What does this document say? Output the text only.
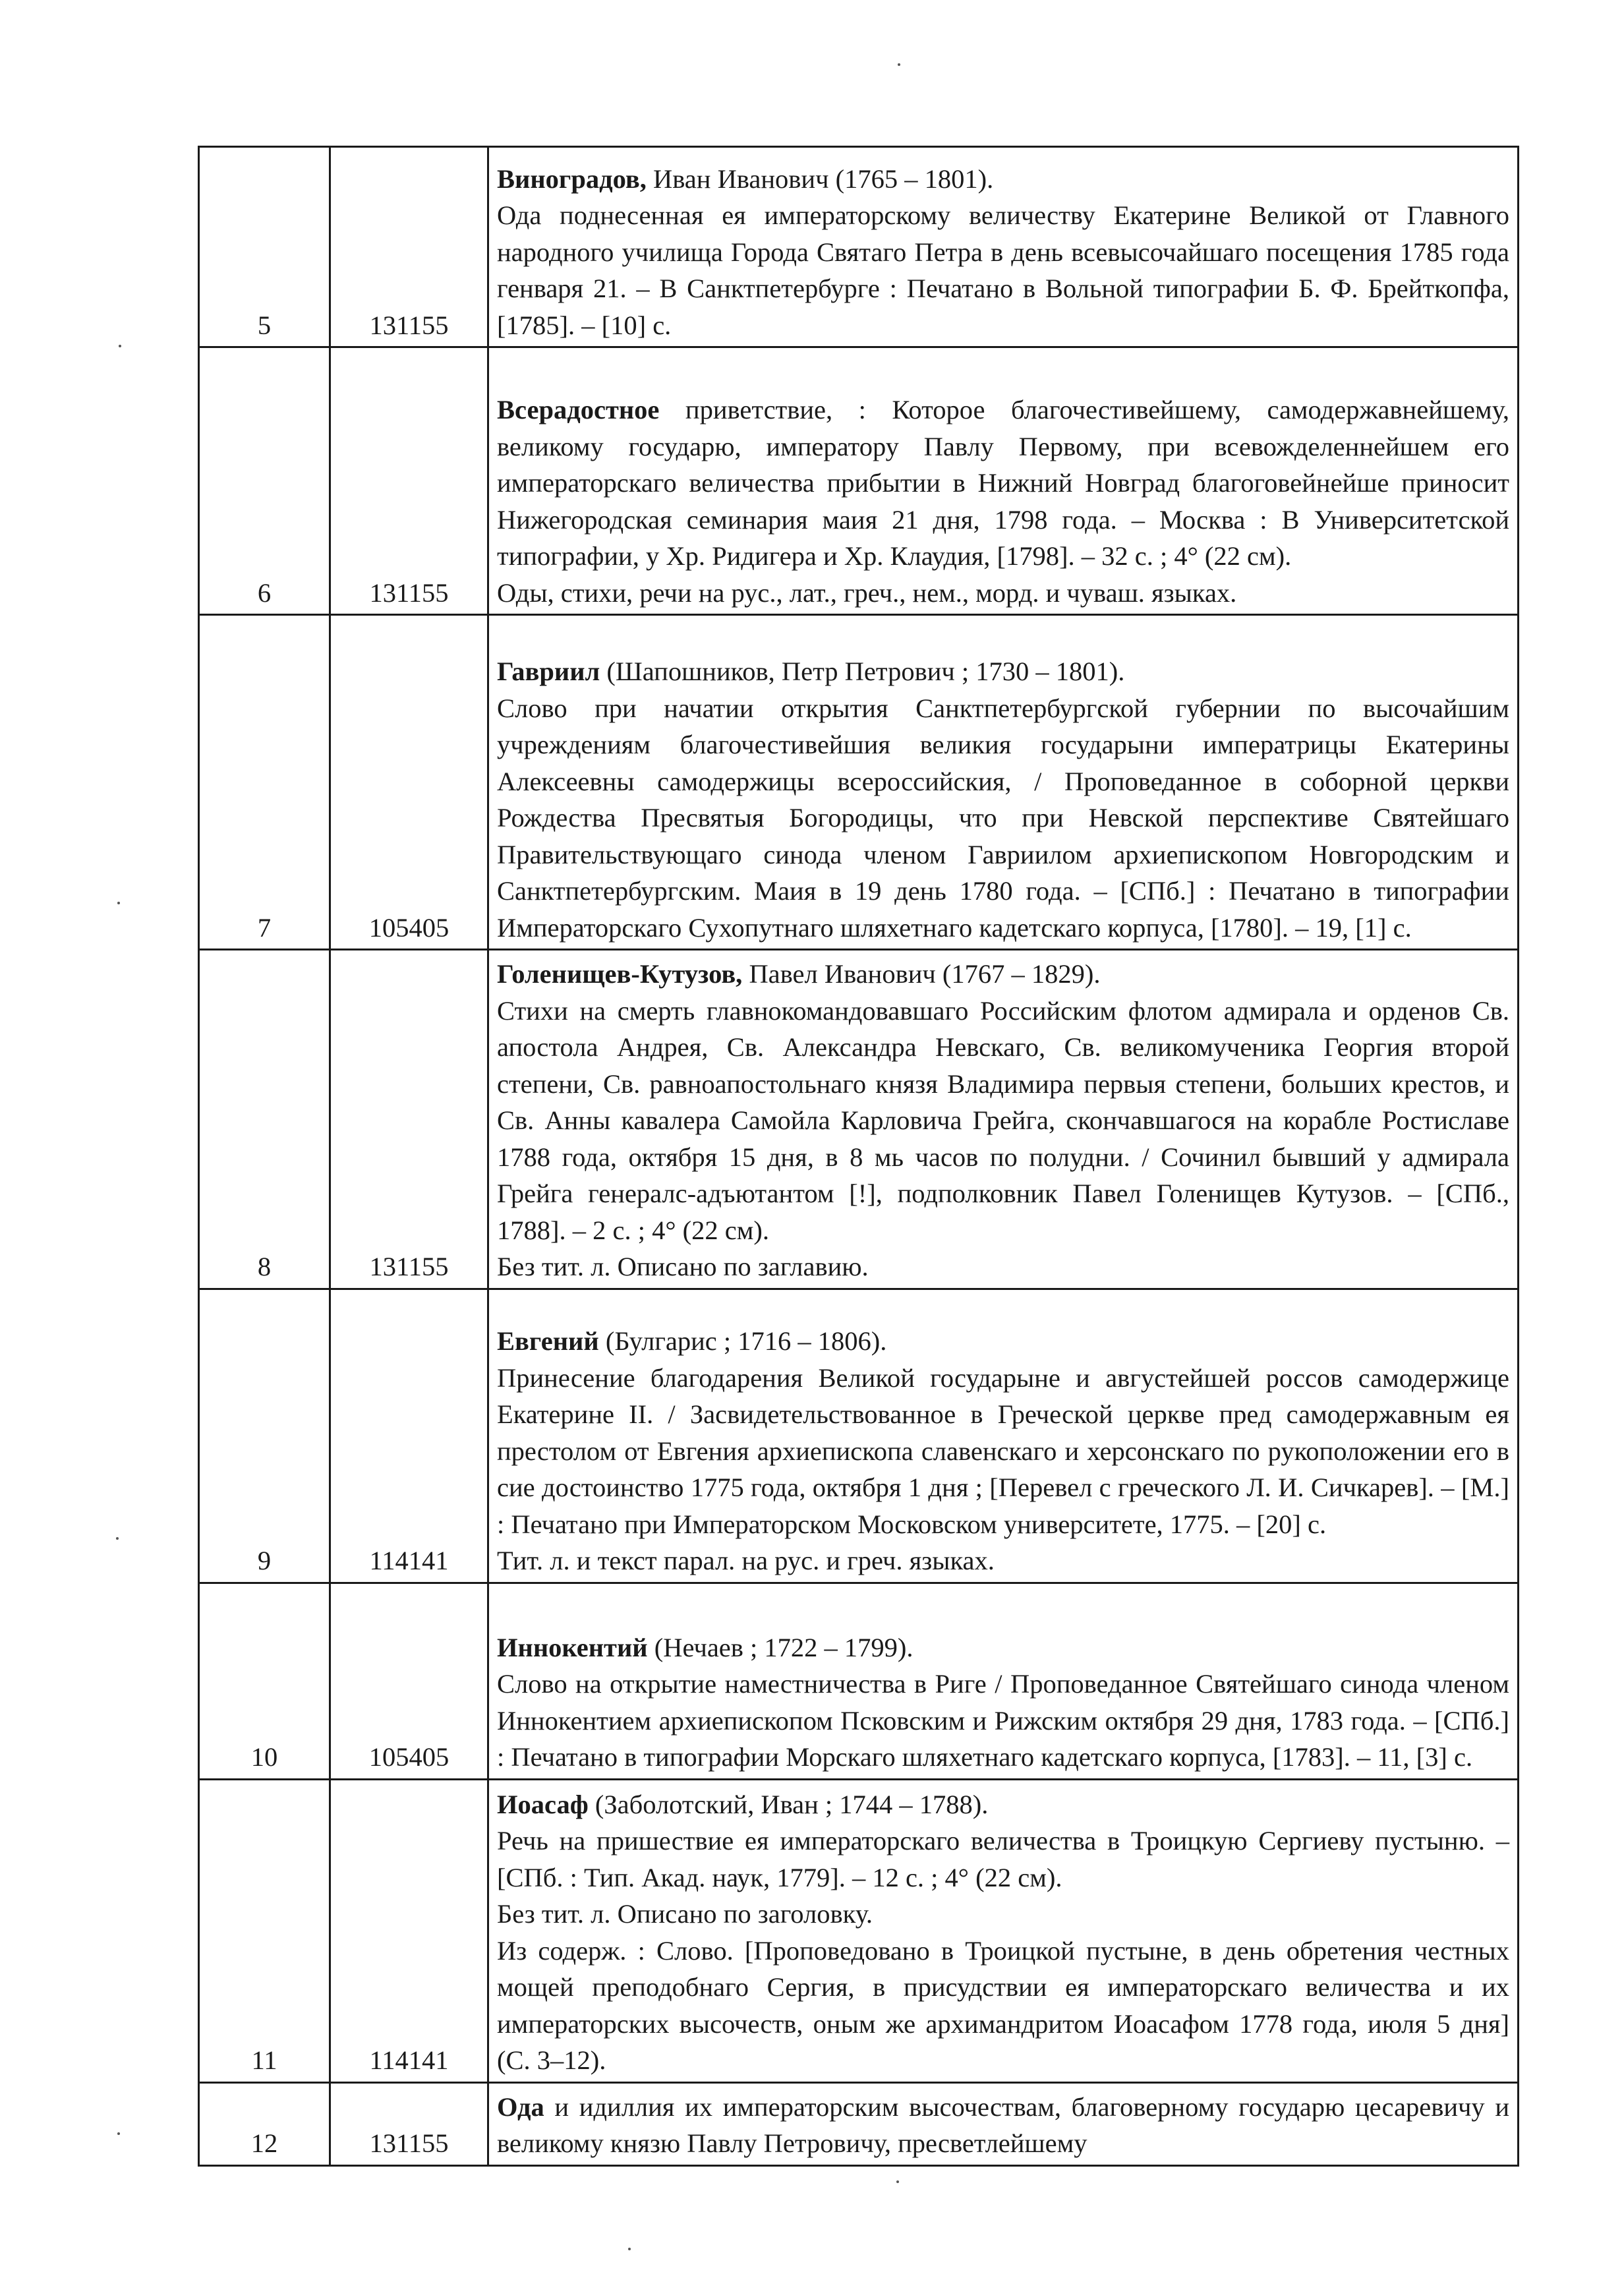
5	131155	Виноградов, Иван Иванович (1765 – 1801).

Ода поднесенная ея императорскому величеству Екатерине Великой от Главного народного училища Города Святаго Петра в день всевысочайшаго посещения 1785 года генваря 21. – В Санктпетербурге : Печатано в Вольной типографии Б. Ф. Брейткопфа, [1785]. – [10] с.

6	131155	Всерадостное приветствие, : Которое благочестивейшему, самодержавнейшему, великому государю, императору Павлу Первому, при всевожделеннейшем его императорскаго величества прибытии в Нижний Новград благоговейнейше приносит Нижегородская семинария маия 21 дня, 1798 года. – Москва : В Университетской типографии, у Хр. Ридигера и Хр. Клаудия, [1798]. – 32 с. ; 4° (22 см).

Оды, стихи, речи на рус., лат., греч., нем., морд. и чуваш. языках.

7	105405	Гавриил (Шапошников, Петр Петрович ; 1730 – 1801).

Слово при начатии открытия Санктпетербургской губернии по высочайшим учреждениям благочестивейшия великия государыни императрицы Екатерины Алексеевны самодержицы всероссийския, / Проповеданное в соборной церкви Рождества Пресвятыя Богородицы, что при Невской перспективе Святейшаго Правительствующаго синода членом Гавриилом архиепископом Новгородским и Санктпетербургским. Маия в 19 день 1780 года. – [СПб.] : Печатано в типографии Императорскаго Сухопутнаго шляхетнаго кадетскаго корпуса, [1780]. – 19, [1] с.

8	131155	Голенищев-Кутузов, Павел Иванович (1767 – 1829).

Стихи на смерть главнокомандовавшаго Российским флотом адмирала и орденов Св. апостола Андрея, Св. Александра Невскаго, Св. великомученика Георгия второй степени, Св. равноапостольнаго князя Владимира первыя степени, больших крестов, и Св. Анны кавалера Самойла Карловича Грейга, скончавшагося на корабле Ростиславе 1788 года, октября 15 дня, в 8 мь часов по полудни. / Сочинил бывший у адмирала Грейга генералс-адъютантом [!], подполковник Павел Голенищев Кутузов. – [СПб., 1788]. – 2 с. ; 4° (22 см).

Без тит. л. Описано по заглавию.

9	114141	Евгений (Булгарис ; 1716 – 1806).

Принесение благодарения Великой государыне и августейшей россов самодержице Екатерине II. / Засвидетельствованное в Греческой церкве пред самодержавным ея престолом от Евгения архиепископа славенскаго и херсонскаго по рукоположении его в сие достоинство 1775 года, октября 1 дня ; [Перевел с греческого Л. И. Сичкарев]. – [М.] : Печатано при Императорском Московском университете, 1775. – [20] с.

Тит. л. и текст парал. на рус. и греч. языках.

10	105405	Иннокентий (Нечаев ; 1722 – 1799).

Слово на открытие наместничества в Риге / Проповеданное Святейшаго синода членом Иннокентием архиепископом Псковским и Рижским октября 29 дня, 1783 года. – [СПб.] : Печатано в типографии Морскаго шляхетнаго кадетскаго корпуса, [1783]. – 11, [3] с.

11	114141	Иоасаф (Заболотский, Иван ; 1744 – 1788).

Речь на пришествие ея императорскаго величества в Троицкую Сергиеву пустыню. – [СПб. : Тип. Акад. наук, 1779]. – 12 с. ; 4° (22 см).

Без тит. л. Описано по заголовку.

Из содерж. : Слово. [Проповедовано в Троицкой пустыне, в день обретения честных мощей преподобнаго Сергия, в присудствии ея императорскаго величества и их императорских высочеств, оным же архимандритом Иоасафом 1778 года, июля 5 дня] (С. 3–12).

12	131155	Ода и идиллия их императорским высочествам, благоверному государю цесаревичу и великому князю Павлу Петровичу, пресветлейшему
